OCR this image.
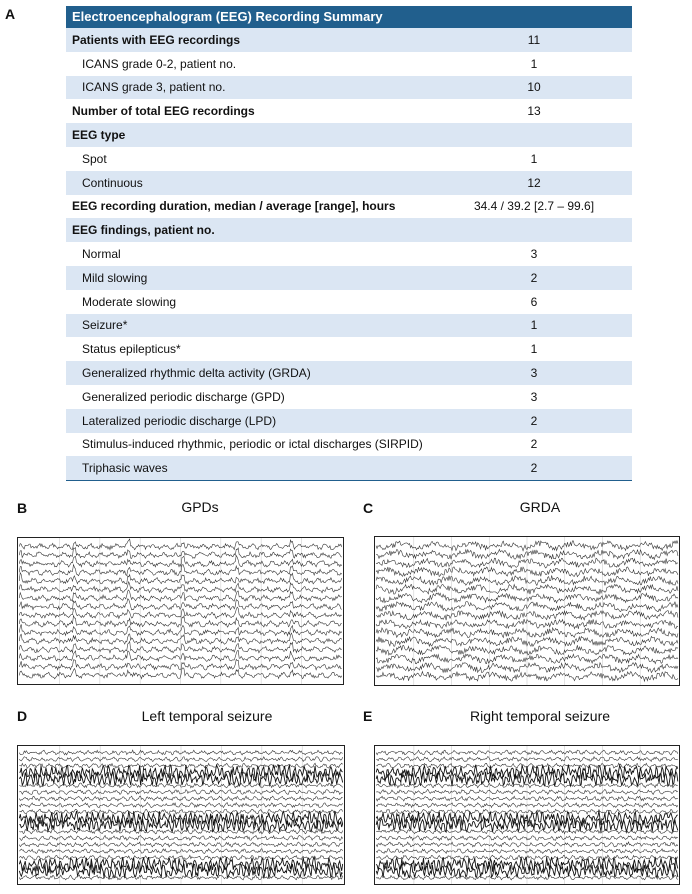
A	Electroencephalogram (EEG) Recording Summary
Patients with EEG recordings	11
ICANS grade 0-2, patient no.	1
ICANS grade 3, patient no.	10
Number of total EEG recordings	13
EEG type
Spot	1
Continuous	12
EEG recording duration, median / average [range], hours	34.4 / 39.2 [2.7 – 99.6]
EEG findings, patient no.
Normal	3
Mild slowing	2
Moderate slowing	6
Seizure*	1
Status epilepticus*	1
Generalized rhythmic delta activity (GRDA)	3
Generalized periodic discharge (GPD)	3
Lateralized periodic discharge (LPD)	2
Stimulus-induced rhythmic, periodic or ictal discharges (SIRPID)	2
Triphasic waves	2
B	GPDs	C	GRDA
D	Left temporal seizure	E	Right temporal seizure
